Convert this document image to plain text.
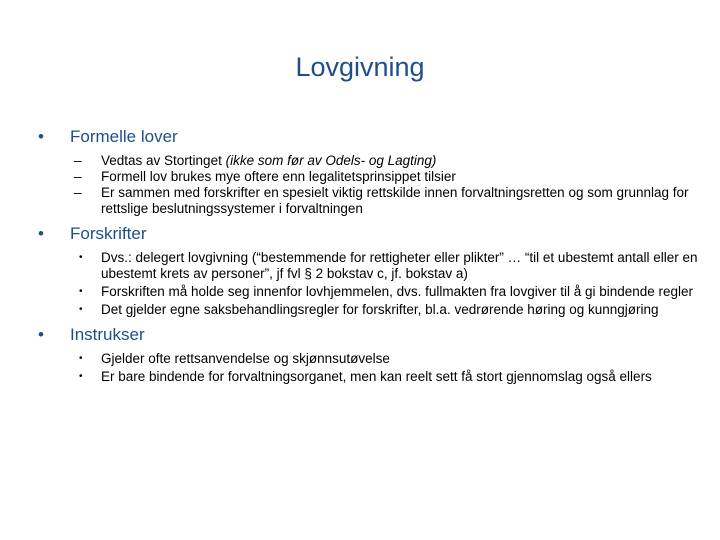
Lovgivning
• Formelle lover
– Vedtas av Stortinget (ikke som før av Odels- og Lagting)
– Formell lov brukes mye oftere enn legalitetsprinsippet tilsier
– Er sammen med forskrifter en spesielt viktig rettskilde innen forvaltningsretten og som grunnlag for rettslige beslutningssystemer i forvaltningen
• Forskrifter
• Dvs.: delegert lovgivning (“bestemmende for rettigheter eller plikter” … “til et ubestemt antall eller en ubestemt krets av personer”, jf fvl § 2 bokstav c, jf. bokstav a)
• Forskriften må holde seg innenfor lovhjemmelen, dvs. fullmakten fra lovgiver til å gi bindende regler
• Det gjelder egne saksbehandlingsregler for forskrifter, bl.a. vedrørende høring og kunngjøring
• Instrukser
• Gjelder ofte rettsanvendelse og skjønnsutøvelse
• Er bare bindende for forvaltningsorganet, men kan reelt sett få stort gjennomslag også ellers
